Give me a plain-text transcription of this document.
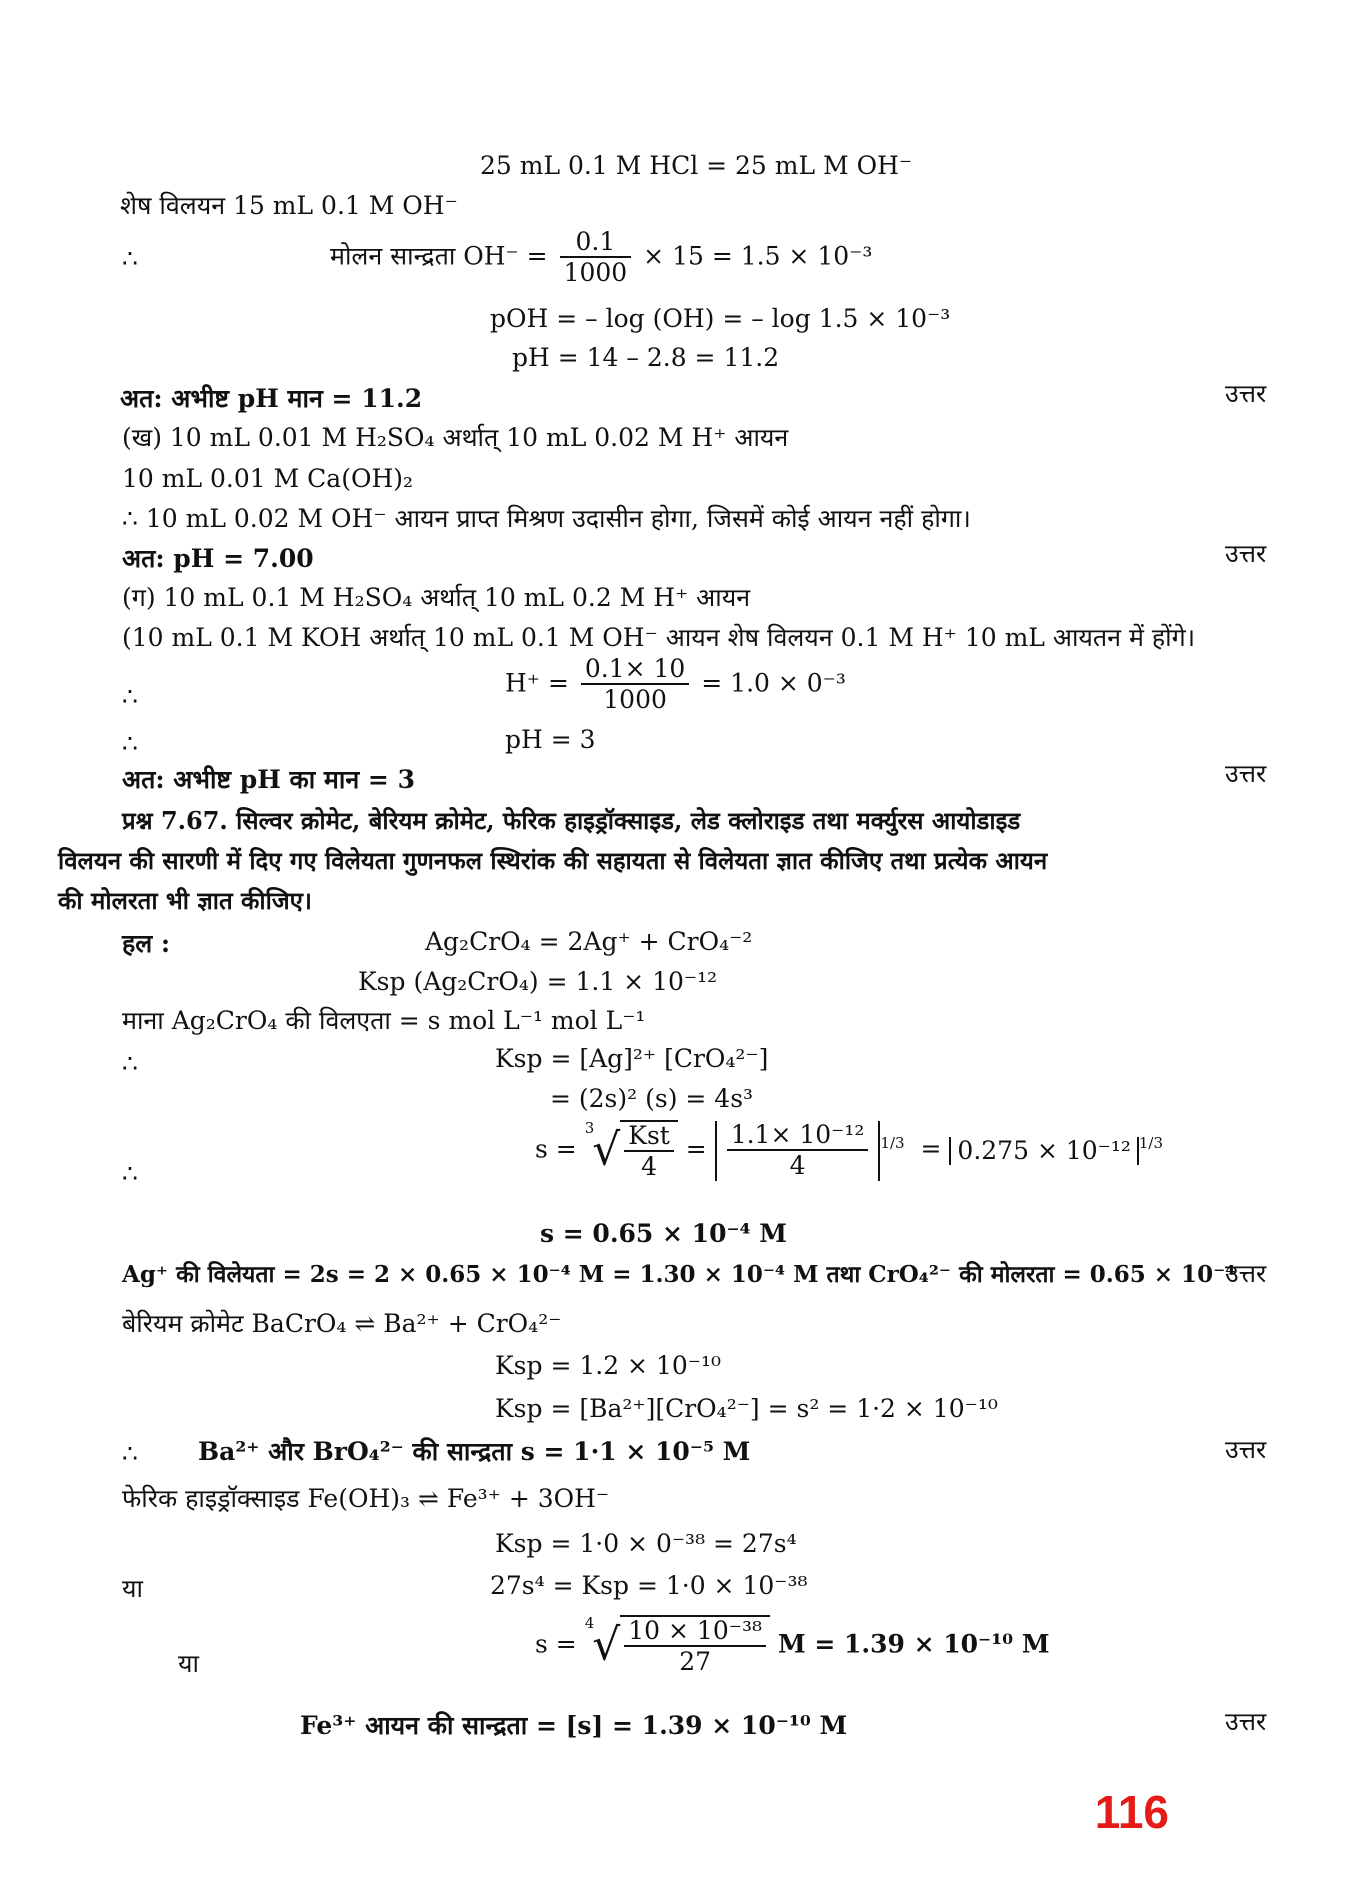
25 mL 0.1 M HCl = 25 mL M OH⁻
शेष विलयन 15 mL 0.1 M OH⁻
∴	मोलन सान्द्रता $OH^- = \frac{0.1}{1000} \times 15 = 1.5 \times 10^{-3}$
pOH = – log (OH) = – log 1.5 × 10⁻³
pH = 14 – 2.8 = 11.2
अत: अभीष्ट pH मान = 11.2	उत्तर
(ख) 10 mL 0.01 M H₂SO₄ अर्थात् 10 mL 0.02 M H⁺ आयन
10 mL 0.01 M Ca(OH)₂
∴ 10 mL 0.02 M OH⁻ आयन प्राप्त मिश्रण उदासीन होगा, जिसमें कोई आयन नहीं होगा।
अत: pH = 7.00	उत्तर
(ग) 10 mL 0.1 M H₂SO₄ अर्थात् 10 mL 0.2 M H⁺ आयन
(10 mL 0.1 M KOH अर्थात् 10 mL 0.1 M OH⁻ आयन शेष विलयन 0.1 M H⁺ 10 mL आयतन में होंगे।
∴	$H^+ = \frac{0.1\times 10}{1000} = 1.0 \times 0^{-3}$
∴	pH = 3
अत: अभीष्ट pH का मान = 3	उत्तर
प्रश्न 7.67. सिल्वर क्रोमेट, बेरियम क्रोमेट, फेरिक हाइड्रॉक्साइड, लेड क्लोराइड तथा मर्क्युरस आयोडाइड
विलयन की सारणी में दिए गए विलेयता गुणनफल स्थिरांक की सहायता से विलेयता ज्ञात कीजिए तथा प्रत्येक आयन
की मोलरता भी ज्ञात कीजिए।
हल :	Ag₂CrO₄ = 2Ag⁺ + CrO₄⁻²
Ksp (Ag₂CrO₄) = 1.1 × 10⁻¹²
माना Ag₂CrO₄ की विलएता = s mol L⁻¹ mol L⁻¹
∴	Ksp = [Ag]²⁺ [CrO₄²⁻]
= (2s)² (s) = 4s³
∴
$s = ^3√ \frac{\text{Kst}}{4} = \frac{\text{1.1× 10⁻¹²}}{4} ^{1/3} = 0.275 \times 10^{-12}$ $^{1/3}$
s = 0.65 × 10⁻⁴ M
Ag⁺ की विलेयता = 2s = 2 × 0.65 × 10⁻⁴ M = 1.30 × 10⁻⁴ M तथा CrO₄²⁻ की मोलरता = 0.65 × 10⁻⁴
उत्तर
बेरियम क्रोमेट BaCrO₄ ⇌ Ba²⁺ + CrO₄²⁻
Ksp = 1.2 × 10⁻¹⁰
Ksp = [Ba²⁺][CrO₄²⁻] = s² = 1·2 × 10⁻¹⁰
∴ Ba²⁺ और BrO₄²⁻ की सान्द्रता s = 1·1 × 10⁻⁵ M	उत्तर
फेरिक हाइड्रॉक्साइड Fe(OH)₃ ⇌ Fe³⁺ + 3OH⁻
Ksp = 1·0 × 0⁻³⁸ = 27s⁴
या	27s⁴ = Ksp = 1·0 × 10⁻³⁸
या
$s = ^4√ \frac{\text{10 × 10⁻³⁸}}{27}$ M = 1.39 × 10⁻¹⁰ M
Fe³⁺ आयन की सान्द्रता = [s] = 1.39 × 10⁻¹⁰ M	उत्तर
116
